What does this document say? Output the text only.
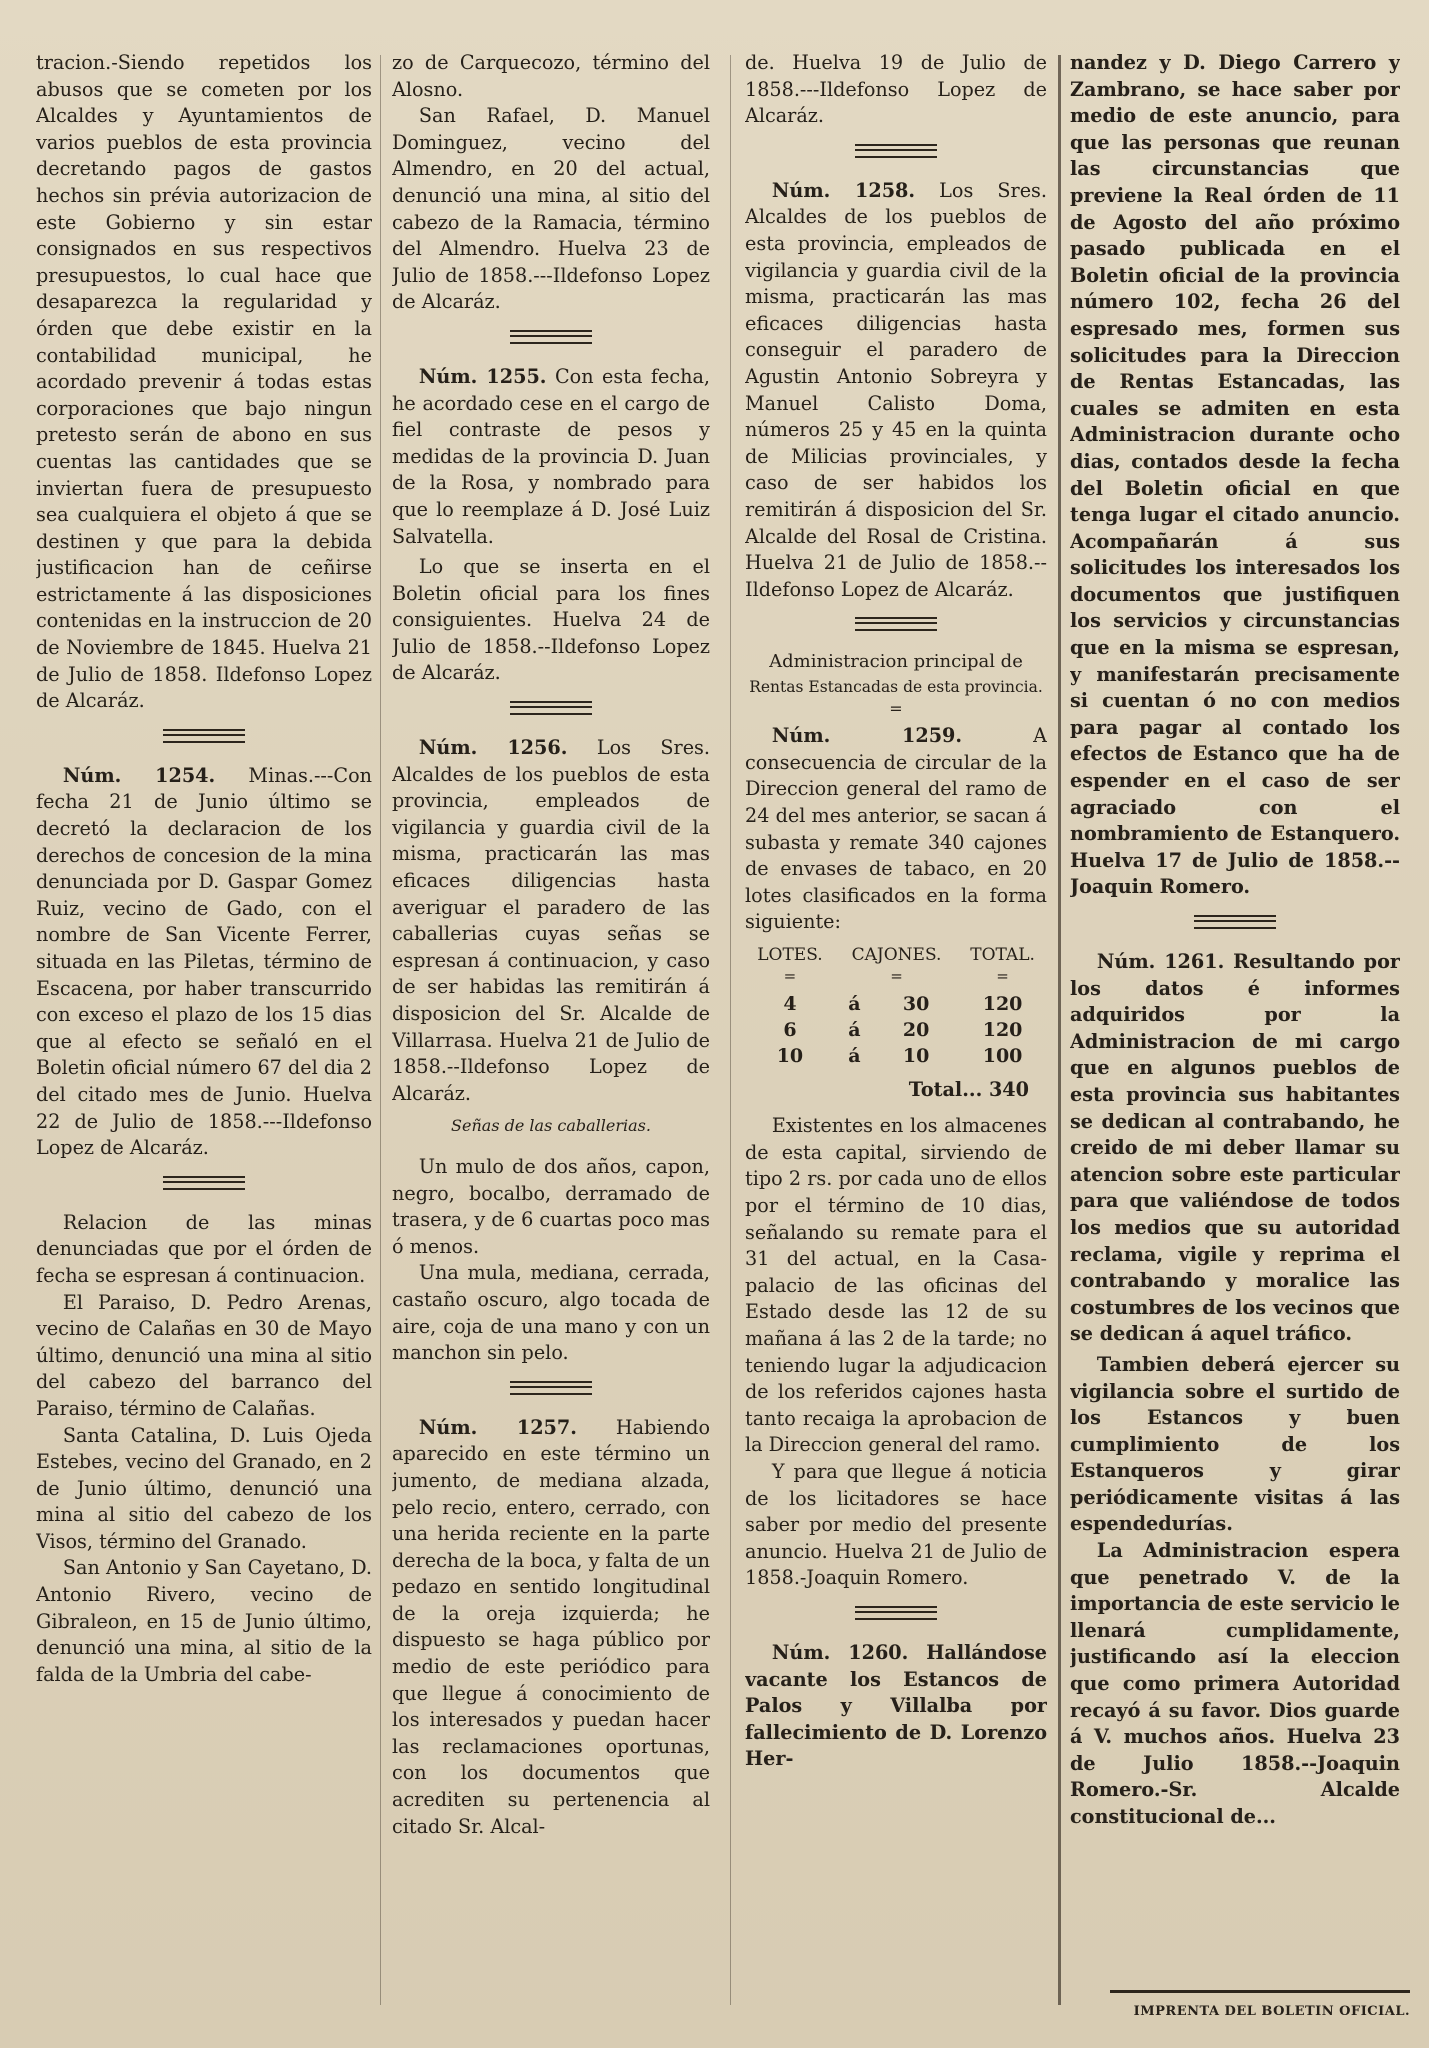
tracion.-Siendo repetidos los abusos que se cometen por los Alcaldes y Ayuntamientos de varios pueblos de esta provincia decretando pagos de gastos hechos sin prévia autorizacion de este Gobierno y sin estar consignados en sus respectivos presupuestos, lo cual hace que desaparezca la regularidad y órden que debe existir en la contabilidad municipal, he acordado prevenir á todas estas corporaciones que bajo ningun pretesto serán de abono en sus cuentas las cantidades que se inviertan fuera de presupuesto sea cualquiera el objeto á que se destinen y que para la debida justificacion han de ceñirse estrictamente á las disposiciones contenidas en la instruccion de 20 de Noviembre de 1845. Huelva 21 de Julio de 1858. Ildefonso Lopez de Alcaráz.

Núm. 1254. Minas.---Con fecha 21 de Junio último se decretó la declaracion de los derechos de concesion de la mina denunciada por D. Gaspar Gomez Ruiz, vecino de Gado, con el nombre de San Vicente Ferrer, situada en las Piletas, término de Escacena, por haber transcurrido con exceso el plazo de los 15 dias que al efecto se señaló en el Boletin oficial número 67 del dia 2 del citado mes de Junio. Huelva 22 de Julio de 1858.---Ildefonso Lopez de Alcaráz.

Relacion de las minas denunciadas que por el órden de fecha se espresan á continuacion.

El Paraiso, D. Pedro Arenas, vecino de Calañas en 30 de Mayo último, denunció una mina al sitio del cabezo del barranco del Paraiso, término de Calañas.

Santa Catalina, D. Luis Ojeda Estebes, vecino del Granado, en 2 de Junio último, denunció una mina al sitio del cabezo de los Visos, término del Granado.

San Antonio y San Cayetano, D. Antonio Rivero, vecino de Gibraleon, en 15 de Junio último, denunció una mina, al sitio de la falda de la Umbria del cabe-

zo de Carquecozo, término del Alosno.

San Rafael, D. Manuel Dominguez, vecino del Almendro, en 20 del actual, denunció una mina, al sitio del cabezo de la Ramacia, término del Almendro. Huelva 23 de Julio de 1858.---Ildefonso Lopez de Alcaráz.

Núm. 1255. Con esta fecha, he acordado cese en el cargo de fiel contraste de pesos y medidas de la provincia D. Juan de la Rosa, y nombrado para que lo reemplaze á D. José Luiz Salvatella.

Lo que se inserta en el Boletin oficial para los fines consiguientes. Huelva 24 de Julio de 1858.--Ildefonso Lopez de Alcaráz.

Núm. 1256. Los Sres. Alcaldes de los pueblos de esta provincia, empleados de vigilancia y guardia civil de la misma, practicarán las mas eficaces diligencias hasta averiguar el paradero de las caballerias cuyas señas se espresan á continuacion, y caso de ser habidas las remitirán á disposicion del Sr. Alcalde de Villarrasa. Huelva 21 de Julio de 1858.--Ildefonso Lopez de Alcaráz.

Señas de las caballerias.

Un mulo de dos años, capon, negro, bocalbo, derramado de trasera, y de 6 cuartas poco mas ó menos.

Una mula, mediana, cerrada, castaño oscuro, algo tocada de aire, coja de una mano y con un manchon sin pelo.

Núm. 1257. Habiendo aparecido en este término un jumento, de mediana alzada, pelo recio, entero, cerrado, con una herida reciente en la parte derecha de la boca, y falta de un pedazo en sentido longitudinal de la oreja izquierda; he dispuesto se haga público por medio de este periódico para que llegue á conocimiento de los interesados y puedan hacer las reclamaciones oportunas, con los documentos que acrediten su pertenencia al citado Sr. Alcal-

de. Huelva 19 de Julio de 1858.---Ildefonso Lopez de Alcaráz.

Núm. 1258. Los Sres. Alcaldes de los pueblos de esta provincia, empleados de vigilancia y guardia civil de la misma, practicarán las mas eficaces diligencias hasta conseguir el paradero de Agustin Antonio Sobreyra y Manuel Calisto Doma, números 25 y 45 en la quinta de Milicias provinciales, y caso de ser habidos los remitirán á disposicion del Sr. Alcalde del Rosal de Cristina. Huelva 21 de Julio de 1858.--Ildefonso Lopez de Alcaráz.

Administracion principal de

Rentas Estancadas de esta provincia.

=

Núm. 1259.	A consecuencia de circular de la Direccion general del ramo de 24 del mes anterior, se sacan á subasta y remate 340 cajones de envases de tabaco, en 20 lotes clasificados en la forma siguiente:

LOTES.	CAJONES.		TOTAL.
=	=		=
4	á	30	120
6	á	20	120
10	á	10	100

Total... 340

Existentes en los almacenes de esta capital, sirviendo de tipo 2 rs. por cada uno de ellos por el término de 10 dias, señalando su remate para el 31 del actual, en la Casa-palacio de las oficinas del Estado desde las 12 de su mañana á las 2 de la tarde; no teniendo lugar la adjudicacion de los referidos cajones hasta tanto recaiga la aprobacion de la Direccion general del ramo.

Y para que llegue á noticia de los licitadores se hace saber por medio del presente anuncio. Huelva 21 de Julio de 1858.-Joaquin Romero.

Núm. 1260. Hallándose vacante los Estancos de Palos y Villalba por fallecimiento de D. Lorenzo Her-

nandez y D. Diego Carrero y Zambrano, se hace saber por medio de este anuncio, para que las personas que reunan las circunstancias que previene la Real órden de 11 de Agosto del año próximo pasado publicada en el Boletin oficial de la provincia número 102, fecha 26 del espresado mes, formen sus solicitudes para la Direccion de Rentas Estancadas, las cuales se admiten en esta Administracion durante ocho dias, contados desde la fecha del Boletin oficial en que tenga lugar el citado anuncio. Acompañarán á sus solicitudes los interesados los documentos que justifiquen los servicios y circunstancias que en la misma se espresan, y manifestarán precisamente si cuentan ó no con medios para pagar al contado los efectos de Estanco que ha de espender en el caso de ser agraciado con el nombramiento de Estanquero. Huelva 17 de Julio de 1858.--Joaquin Romero.

Núm. 1261. Resultando por los datos é informes adquiridos por la Administracion de mi cargo que en algunos pueblos de esta provincia sus habitantes se dedican al contrabando, he creido de mi deber llamar su atencion sobre este particular para que valiéndose de todos los medios que su autoridad reclama, vigile y reprima el contrabando y moralice las costumbres de los vecinos que se dedican á aquel tráfico.

Tambien deberá ejercer su vigilancia sobre el surtido de los Estancos y buen cumplimiento de los Estanqueros y girar periódicamente visitas á las espendedurías.

La Administracion espera que penetrado V. de la importancia de este servicio le llenará cumplidamente, justificando así la eleccion que como primera Autoridad recayó á su favor. Dios guarde á V. muchos años. Huelva 23 de Julio 1858.--Joaquin Romero.-Sr. Alcalde constitucional de...

IMPRENTA DEL BOLETIN OFICIAL.
